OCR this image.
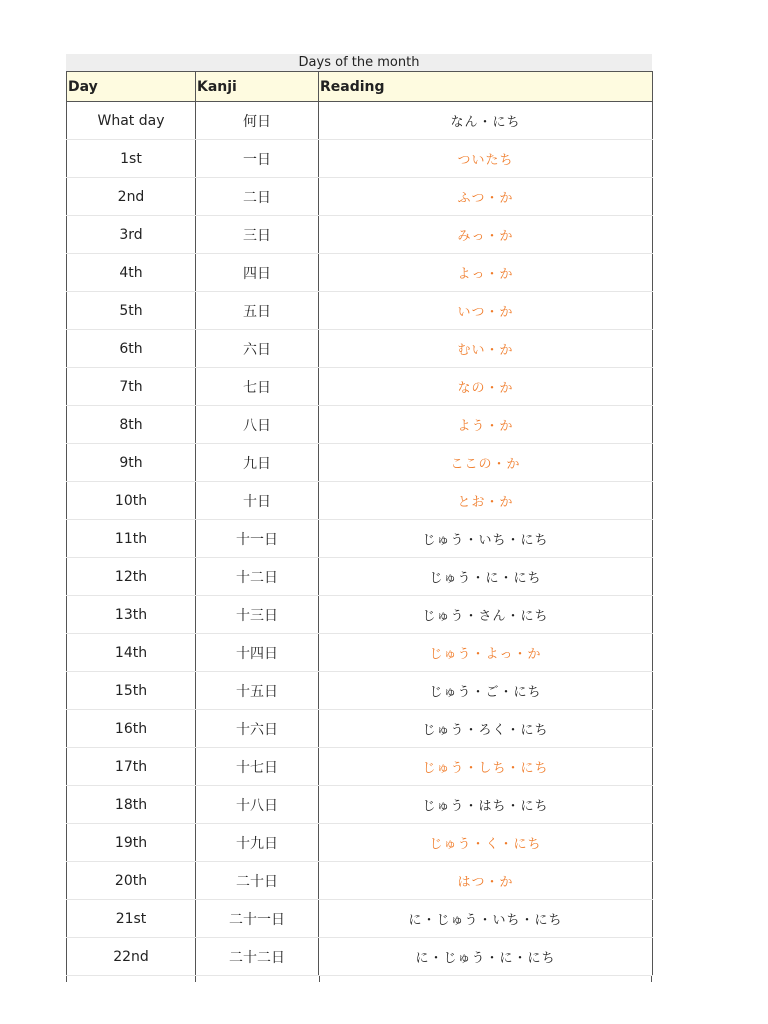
Days of the month
Day	Kanji	Reading
What day	何日	なん・にち
1st	一日	ついたち
2nd	二日	ふつ・か
3rd	三日	みっ・か
4th	四日	よっ・か
5th	五日	いつ・か
6th	六日	むい・か
7th	七日	なの・か
8th	八日	よう・か
9th	九日	ここの・か
10th	十日	とお・か
11th	十一日	じゅう・いち・にち
12th	十二日	じゅう・に・にち
13th	十三日	じゅう・さん・にち
14th	十四日	じゅう・よっ・か
15th	十五日	じゅう・ご・にち
16th	十六日	じゅう・ろく・にち
17th	十七日	じゅう・しち・にち
18th	十八日	じゅう・はち・にち
19th	十九日	じゅう・く・にち
20th	二十日	はつ・か
21st	二十一日	に・じゅう・いち・にち
22nd	二十二日	に・じゅう・に・にち
